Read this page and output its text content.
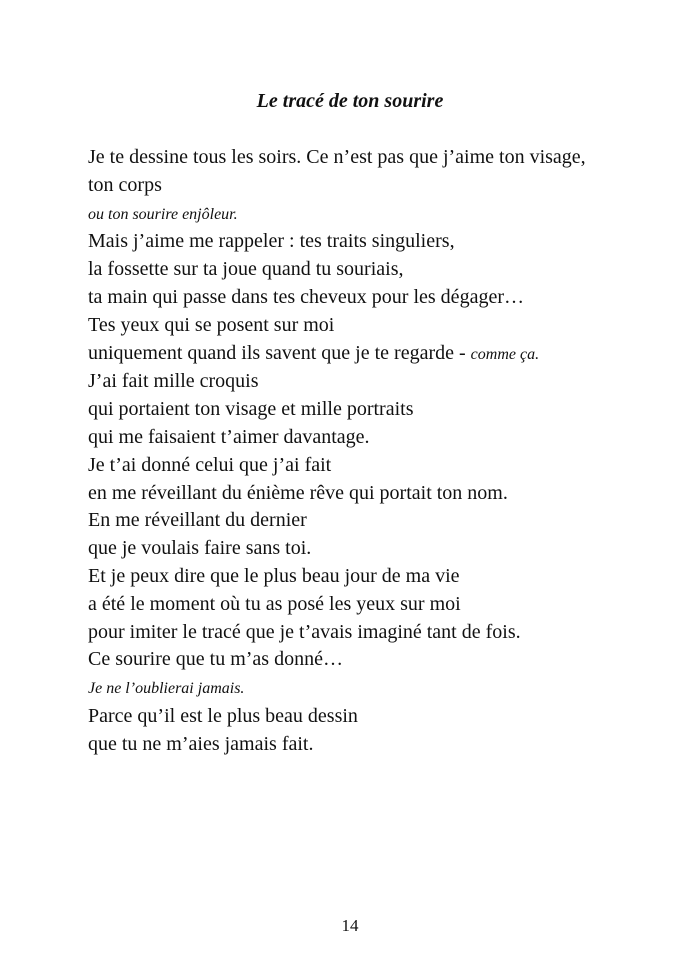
Le tracé de ton sourire
Je te dessine tous les soirs. Ce n’est pas que j’aime ton visage,
ton corps
ou ton sourire enjôleur.
Mais j’aime me rappeler : tes traits singuliers,
la fossette sur ta joue quand tu souriais,
ta main qui passe dans tes cheveux pour les dégager…
Tes yeux qui se posent sur moi
uniquement quand ils savent que je te regarde - comme ça.
J’ai fait mille croquis
qui portaient ton visage et mille portraits
qui me faisaient t’aimer davantage.
Je t’ai donné celui que j’ai fait
en me réveillant du énième rêve qui portait ton nom.
En me réveillant du dernier
que je voulais faire sans toi.
Et je peux dire que le plus beau jour de ma vie
a été le moment où tu as posé les yeux sur moi
pour imiter le tracé que je t’avais imaginé tant de fois.
Ce sourire que tu m’as donné…
Je ne l’oublierai jamais.
Parce qu’il est le plus beau dessin
que tu ne m’aies jamais fait.
14
